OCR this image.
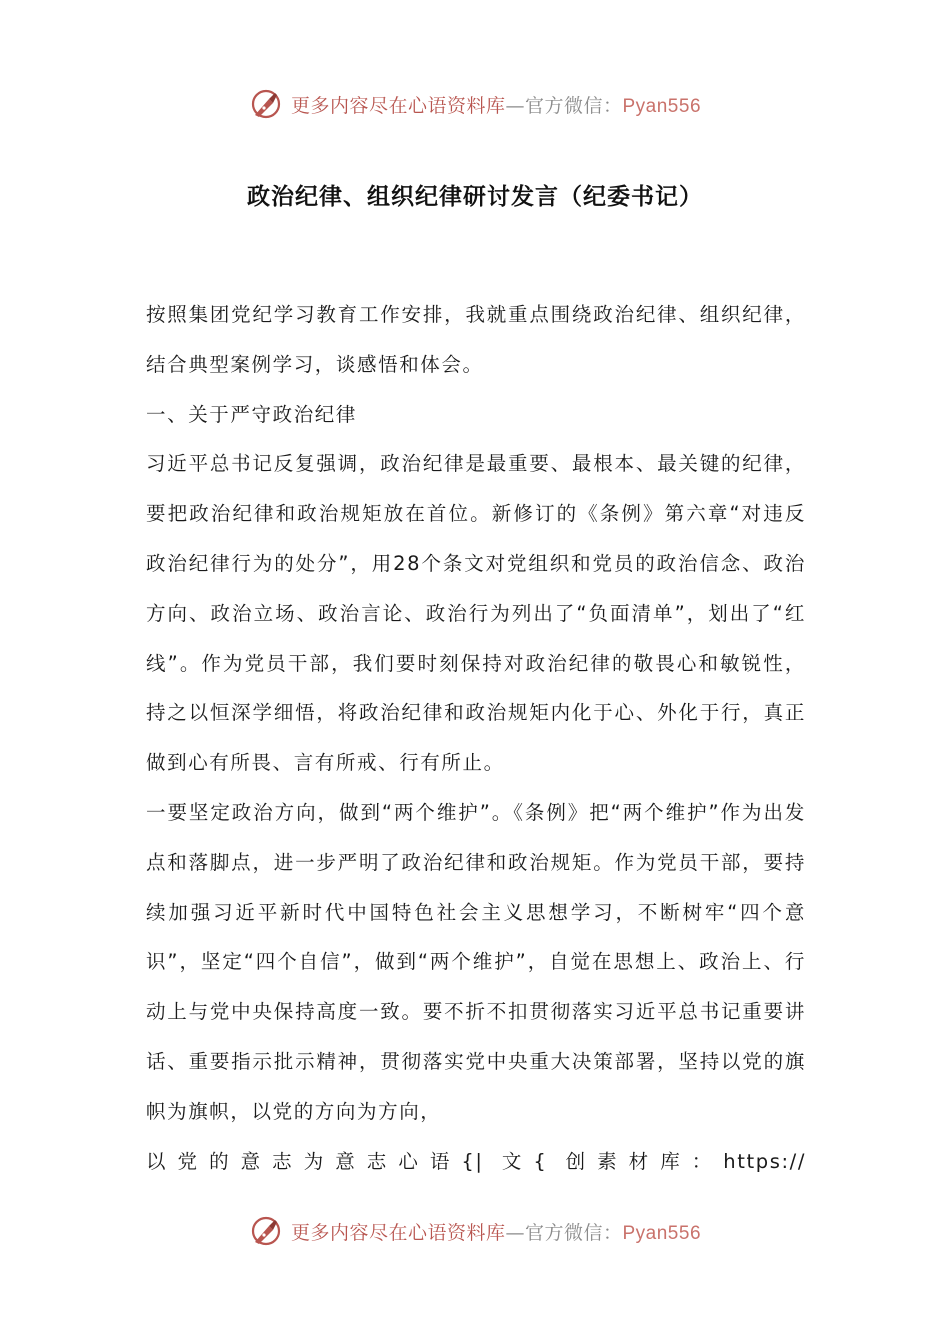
更多内容尽在心语资料库—官方微信：Pyan556
政治纪律、组织纪律研讨发言（纪委书记）

按照集团党纪学习教育工作安排，我就重点围绕政治纪律、组织纪律，结合典型案例学习，谈感悟和体会。

一、关于严守政治纪律

习近平总书记反复强调，政治纪律是最重要、最根本、最关键的纪律，要把政治纪律和政治规矩放在首位。新修订的《条例》第六章“对违反政治纪律行为的处分”，用28个条文对党组织和党员的政治信念、政治方向、政治立场、政治言论、政治行为列出了“负面清单”，划出了“红线”。作为党员干部，我们要时刻保持对政治纪律的敬畏心和敏锐性，持之以恒深学细悟，将政治纪律和政治规矩内化于心、外化于行，真正做到心有所畏、言有所戒、行有所止。

一要坚定政治方向，做到“两个维护”。《条例》把“两个维护”作为出发点和落脚点，进一步严明了政治纪律和政治规矩。作为党员干部，要持续加强习近平新时代中国特色社会主义思想学习，不断树牢“四个意识”，坚定“四个自信”，做到“两个维护”，自觉在思想上、政治上、行动上与党中央保持高度一致。要不折不扣贯彻落实习近平总书记重要讲话、重要指示批示精神，贯彻落实党中央重大决策部署，坚持以党的旗帜为旗帜，以党的方向为方向，

以党的意志为意志心语{| 文{ 创素材库：https://

更多内容尽在心语资料库—官方微信：Pyan556
